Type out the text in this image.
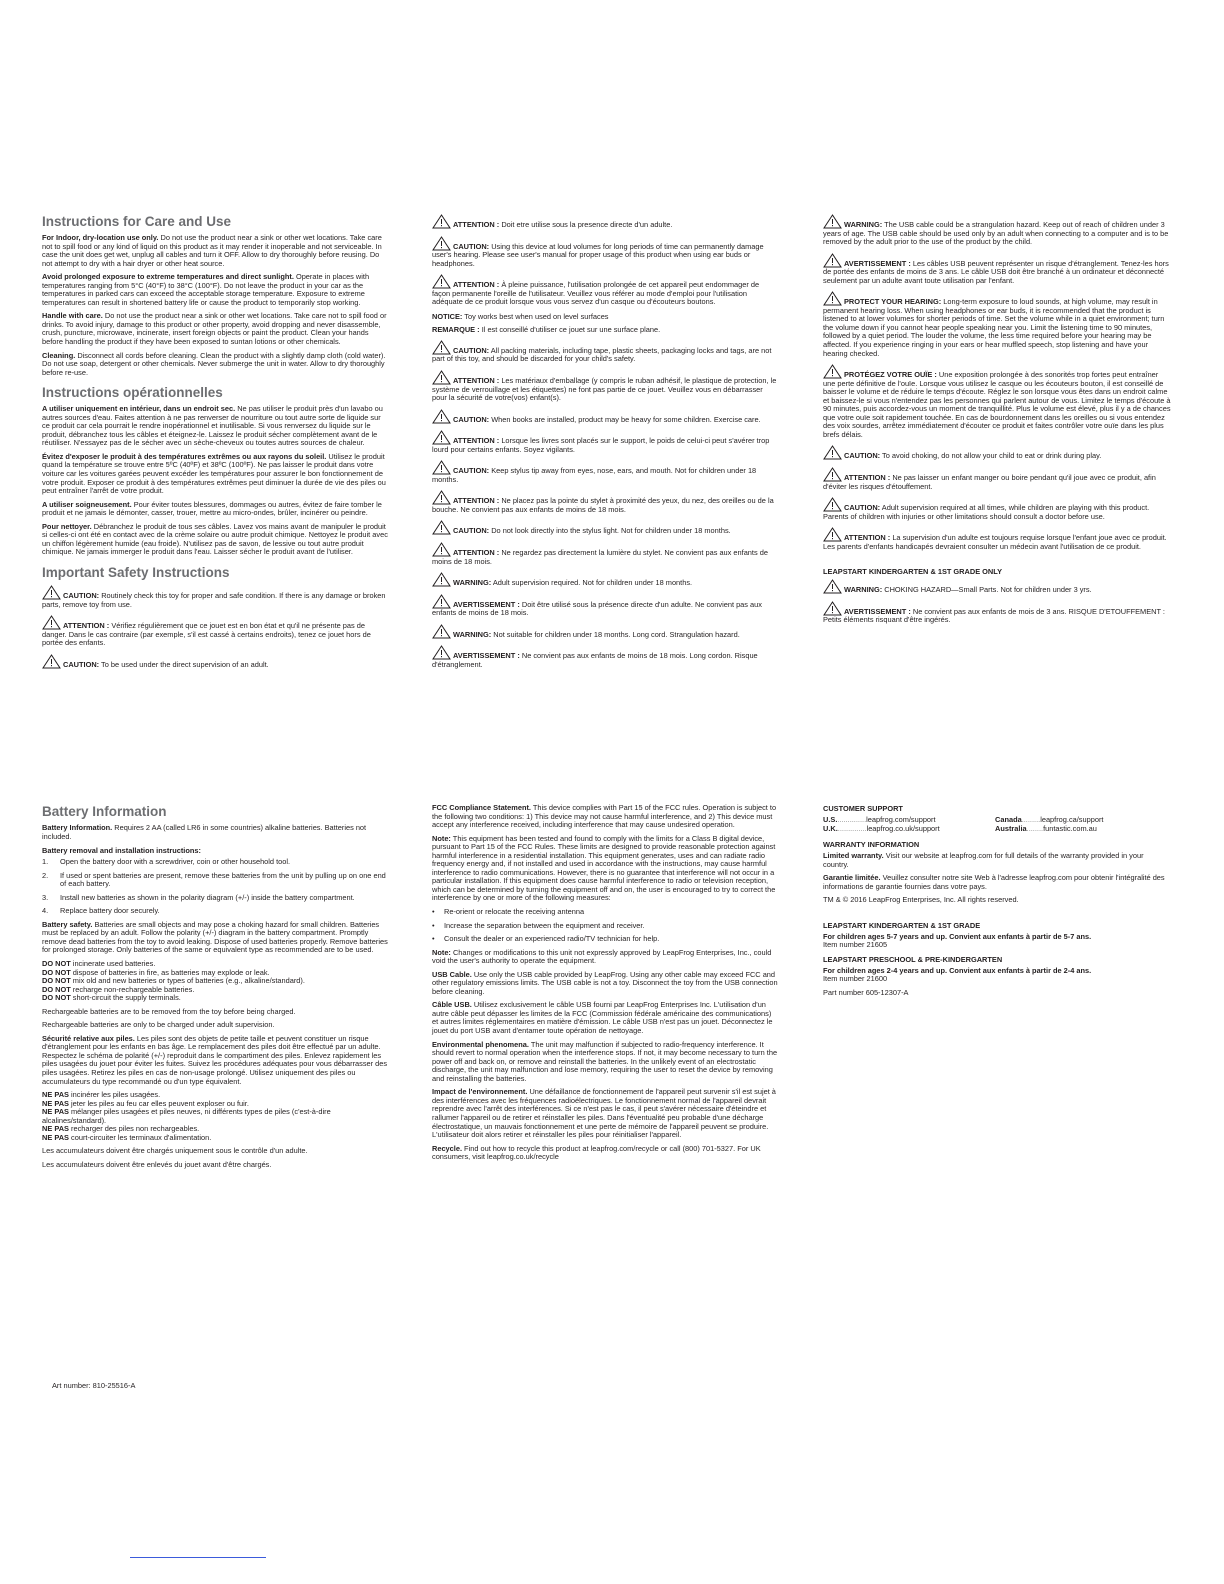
Instructions for Care and Use

For Indoor, dry-location use only. Do not use the product near a sink or other wet locations. Take care not to spill food or any kind of liquid on this product as it may render it inoperable and not serviceable. In case the unit does get wet, unplug all cables and turn it OFF. Allow to dry thoroughly before reusing. Do not attempt to dry with a hair dryer or other heat source.

Avoid prolonged exposure to extreme temperatures and direct sunlight. Operate in places with temperatures ranging from 5°C (40°F) to 38°C (100°F). Do not leave the product in your car as the temperatures in parked cars can exceed the acceptable storage temperature. Exposure to extreme temperatures can result in shortened battery life or cause the product to temporarily stop working.

Handle with care. Do not use the product near a sink or other wet locations. Take care not to spill food or drinks. To avoid injury, damage to this product or other property, avoid dropping and never disassemble, crush, puncture, microwave, incinerate, insert foreign objects or paint the product. Clean your hands before handling the product if they have been exposed to suntan lotions or other chemicals.

Cleaning. Disconnect all cords before cleaning. Clean the product with a slightly damp cloth (cold water). Do not use soap, detergent or other chemicals. Never submerge the unit in water. Allow to dry thoroughly before re-use.

Instructions opérationnelles

A utiliser uniquement en intérieur, dans un endroit sec. Ne pas utiliser le produit près d'un lavabo ou autres sources d'eau. Faites attention à ne pas renverser de nourriture ou tout autre sorte de liquide sur ce produit car cela pourrait le rendre inopérationnel et inutilisable. Si vous renversez du liquide sur le produit, débranchez tous les câbles et éteignez-le. Laissez le produit sécher complètement avant de le réutiliser. N'essayez pas de le sécher avec un sèche-cheveux ou toutes autres sources de chaleur.

Évitez d'exposer le produit à des températures extrêmes ou aux rayons du soleil. Utilisez le produit quand la température se trouve entre 5ºC (40ºF) et 38ºC (100ºF). Ne pas laisser le produit dans votre voiture car les voitures garées peuvent excéder les températures pour assurer le bon fonctionnement de votre produit. Exposer ce produit à des températures extrêmes peut diminuer la durée de vie des piles ou peut entraîner l'arrêt de votre produit.

A utiliser soigneusement. Pour éviter toutes blessures, dommages ou autres, évitez de faire tomber le produit et ne jamais le démonter, casser, trouer, mettre au micro-ondes, brûler, incinérer ou peindre.

Pour nettoyer. Débranchez le produit de tous ses câbles. Lavez vos mains avant de manipuler le produit si celles-ci ont été en contact avec de la crème solaire ou autre produit chimique. Nettoyez le produit avec un chiffon légèrement humide (eau froide). N'utilisez pas de savon, de lessive ou tout autre produit chimique. Ne jamais immerger le produit dans l'eau. Laisser sécher le produit avant de l'utiliser.

Important Safety Instructions

CAUTION: Routinely check this toy for proper and safe condition. If there is any damage or broken parts, remove toy from use.

ATTENTION : Vérifiez régulièrement que ce jouet est en bon état et qu'il ne présente pas de danger. Dans le cas contraire (par exemple, s'il est cassé à certains endroits), tenez ce jouet hors de portée des enfants.

CAUTION: To be used under the direct supervision of an adult.

ATTENTION : Doit etre utilise sous la presence directe d'un adulte.

CAUTION: Using this device at loud volumes for long periods of time can permanently damage user's hearing. Please see user's manual for proper usage of this product when using ear buds or headphones.

ATTENTION : À pleine puissance, l'utilisation prolongée de cet appareil peut endommager de façon permanente l'oreille de l'utilisateur. Veuillez vous référer au mode d'emploi pour l'utilisation adéquate de ce produit lorsque vous vous servez d'un casque ou d'écouteurs boutons.

NOTICE: Toy works best when used on level surfaces

REMARQUE : Il est conseillé d'utiliser ce jouet sur une surface plane.

CAUTION: All packing materials, including tape, plastic sheets, packaging locks and tags, are not part of this toy, and should be discarded for your child's safety.

ATTENTION : Les matériaux d'emballage (y compris le ruban adhésif, le plastique de protection, le système de verrouillage et les étiquettes) ne font pas partie de ce jouet. Veuillez vous en débarrasser pour la sécurité de votre(vos) enfant(s).

CAUTION: When books are installed, product may be heavy for some children. Exercise care.

ATTENTION : Lorsque les livres sont placés sur le support, le poids de celui-ci peut s'avérer trop lourd pour certains enfants. Soyez vigilants.

CAUTION: Keep stylus tip away from eyes, nose, ears, and mouth. Not for children under 18 months.

ATTENTION : Ne placez pas la pointe du stylet à proximité des yeux, du nez, des oreilles ou de la bouche. Ne convient pas aux enfants de moins de 18 mois.

CAUTION: Do not look directly into the stylus light. Not for children under 18 months.

ATTENTION : Ne regardez pas directement la lumière du stylet. Ne convient pas aux enfants de moins de 18 mois.

WARNING: Adult supervision required. Not for children under 18 months.

AVERTISSEMENT : Doit être utilisé sous la présence directe d'un adulte. Ne convient pas aux enfants de moins de 18 mois.

WARNING: Not suitable for children under 18 months. Long cord. Strangulation hazard.

AVERTISSEMENT : Ne convient pas aux enfants de moins de 18 mois. Long cordon. Risque d'étranglement.

WARNING: The USB cable could be a strangulation hazard. Keep out of reach of children under 3 years of age. The USB cable should be used only by an adult when connecting to a computer and is to be removed by the adult prior to the use of the product by the child.

AVERTISSEMENT : Les câbles USB peuvent représenter un risque d'étranglement. Tenez-les hors de portée des enfants de moins de 3 ans. Le câble USB doit être branché à un ordinateur et déconnecté seulement par un adulte avant toute utilisation par l'enfant.

PROTECT YOUR HEARING: Long-term exposure to loud sounds, at high volume, may result in permanent hearing loss. When using headphones or ear buds, it is recommended that the product is listened to at lower volumes for shorter periods of time. Set the volume while in a quiet environment; turn the volume down if you cannot hear people speaking near you. Limit the listening time to 90 minutes, followed by a quiet period. The louder the volume, the less time required before your hearing may be affected. If you experience ringing in your ears or hear muffled speech, stop listening and have your hearing checked.

PROTÉGEZ VOTRE OUÏE : Une exposition prolongée à des sonorités trop fortes peut entraîner une perte définitive de l'ouïe. Lorsque vous utilisez le casque ou les écouteurs bouton, il est conseillé de baisser le volume et de réduire le temps d'écoute. Réglez le son lorsque vous êtes dans un endroit calme et baissez-le si vous n'entendez pas les personnes qui parlent autour de vous. Limitez le temps d'écoute à 90 minutes, puis accordez-vous un moment de tranquillité. Plus le volume est élevé, plus il y a de chances que votre ouïe soit rapidement touchée. En cas de bourdonnement dans les oreilles ou si vous entendez des voix sourdes, arrêtez immédiatement d'écouter ce produit et faites contrôler votre ouïe dans les plus brefs délais.

CAUTION: To avoid choking, do not allow your child to eat or drink during play.

ATTENTION : Ne pas laisser un enfant manger ou boire pendant qu'il joue avec ce produit, afin d'éviter les risques d'étouffement.

CAUTION: Adult supervision required at all times, while children are playing with this product. Parents of children with injuries or other limitations should consult a doctor before use.

ATTENTION : La supervision d'un adulte est toujours requise lorsque l'enfant joue avec ce produit. Les parents d'enfants handicapés devraient consulter un médecin avant l'utilisation de ce produit.

LEAPSTART KINDERGARTEN & 1ST GRADE ONLY

WARNING: CHOKING HAZARD—Small Parts. Not for children under 3 yrs.

AVERTISSEMENT : Ne convient pas aux enfants de mois de 3 ans. RISQUE D'ETOUFFEMENT : Petits éléments risquant d'être ingérés.

Battery Information

Battery Information. Requires 2 AA (called LR6 in some countries) alkaline batteries. Batteries not included.

Battery removal and installation instructions:
1. Open the battery door with a screwdriver, coin or other household tool.
2. If used or spent batteries are present, remove these batteries from the unit by pulling up on one end of each battery.
3. Install new batteries as shown in the polarity diagram (+/-) inside the battery compartment.
4. Replace battery door securely.

Battery safety. Batteries are small objects and may pose a choking hazard for small children. Batteries must be replaced by an adult. Follow the polarity (+/-) diagram in the battery compartment. Promptly remove dead batteries from the toy to avoid leaking. Dispose of used batteries properly. Remove batteries for prolonged storage. Only batteries of the same or equivalent type as recommended are to be used.

DO NOT incinerate used batteries.

DO NOT dispose of batteries in fire, as batteries may explode or leak.

DO NOT mix old and new batteries or types of batteries (e.g., alkaline/standard).

DO NOT recharge non-rechargeable batteries.

DO NOT short-circuit the supply terminals.

Rechargeable batteries are to be removed from the toy before being charged.

Rechargeable batteries are only to be charged under adult supervision.

Sécurité relative aux piles. Les piles sont des objets de petite taille et peuvent constituer un risque d'étranglement pour les enfants en bas âge. Le remplacement des piles doit être effectué par un adulte. Respectez le schéma de polarité (+/-) reproduit dans le compartiment des piles. Enlevez rapidement les piles usagées du jouet pour éviter les fuites. Suivez les procédures adéquates pour vous débarrasser des piles usagées. Retirez les piles en cas de non-usage prolongé. Utilisez uniquement des piles ou accumulateurs du type recommandé ou d'un type équivalent.

NE PAS incinérer les piles usagées.

NE PAS jeter les piles au feu car elles peuvent exploser ou fuir.

NE PAS mélanger piles usagées et piles neuves, ni différents types de piles (c'est-à-dire alcalines/standard).

NE PAS recharger des piles non rechargeables.

NE PAS court-circuiter les terminaux d'alimentation.

Les accumulateurs doivent être chargés uniquement sous le contrôle d'un adulte.

Les accumulateurs doivent être enlevés du jouet avant d'être chargés.

FCC Compliance Statement. This device complies with Part 15 of the FCC rules. Operation is subject to the following two conditions: 1) This device may not cause harmful interference, and 2) This device must accept any interference received, including interference that may cause undesired operation.

Note: This equipment has been tested and found to comply with the limits for a Class B digital device, pursuant to Part 15 of the FCC Rules. These limits are designed to provide reasonable protection against harmful interference in a residential installation. This equipment generates, uses and can radiate radio frequency energy and, if not installed and used in accordance with the instructions, may cause harmful interference to radio communications. However, there is no guarantee that interference will not occur in a particular installation. If this equipment does cause harmful interference to radio or television reception, which can be determined by turning the equipment off and on, the user is encouraged to try to correct the interference by one or more of the following measures:

• Re-orient or relocate the receiving antenna
• Increase the separation between the equipment and receiver.
• Consult the dealer or an experienced radio/TV technician for help.

Note: Changes or modifications to this unit not expressly approved by LeapFrog Enterprises, Inc., could void the user's authority to operate the equipment.

USB Cable. Use only the USB cable provided by LeapFrog. Using any other cable may exceed FCC and other regulatory emissions limits. The USB cable is not a toy. Disconnect the toy from the USB connection before cleaning.

Câble USB. Utilisez exclusivement le câble USB fourni par LeapFrog Enterprises Inc. L'utilisation d'un autre câble peut dépasser les limites de la FCC (Commission fédérale américaine des communications) et autres limites réglementaires en matière d'émission. Le câble USB n'est pas un jouet. Déconnectez le jouet du port USB avant d'entamer toute opération de nettoyage.

Environmental phenomena. The unit may malfunction if subjected to radio-frequency interference. It should revert to normal operation when the interference stops. If not, it may become necessary to turn the power off and back on, or remove and reinstall the batteries. In the unlikely event of an electrostatic discharge, the unit may malfunction and lose memory, requiring the user to reset the device by removing and reinstalling the batteries.

Impact de l'environnement. Une défaillance de fonctionnement de l'appareil peut survenir s'il est sujet à des interférences avec les fréquences radioélectriques. Le fonctionnement normal de l'appareil devrait reprendre avec l'arrêt des interférences. Si ce n'est pas le cas, il peut s'avérer nécessaire d'éteindre et rallumer l'appareil ou de retirer et réinstaller les piles. Dans l'éventualité peu probable d'une décharge électrostatique, un mauvais fonctionnement et une perte de mémoire de l'appareil peuvent se produire. L'utilisateur doit alors retirer et réinstaller les piles pour réinitialiser l'appareil.

Recycle. Find out how to recycle this product at leapfrog.com/recycle or call (800) 701-5327. For UK consumers, visit leapfrog.co.uk/recycle

CUSTOMER SUPPORT
U.S...............leapfrog.com/support	Canada.........leapfrog.ca/support
U.K...............leapfrog.co.uk/support	Australia........funtastic.com.au
WARRANTY INFORMATION

Limited warranty. Visit our website at leapfrog.com for full details of the warranty provided in your country.

Garantie limitée. Veuillez consulter notre site Web à l'adresse leapfrog.com pour obtenir l'intégralité des informations de garantie fournies dans votre pays.

TM & © 2016 LeapFrog Enterprises, Inc. All rights reserved.

LEAPSTART KINDERGARTEN & 1ST GRADE

For children ages 5-7 years and up. Convient aux enfants à partir de 5-7 ans.

Item number 21605

LEAPSTART PRESCHOOL & PRE-KINDERGARTEN

For children ages 2-4 years and up. Convient aux enfants à partir de 2-4 ans.

Item number 21600

Part number 605-12307-A

Art number: 810-25516-A
